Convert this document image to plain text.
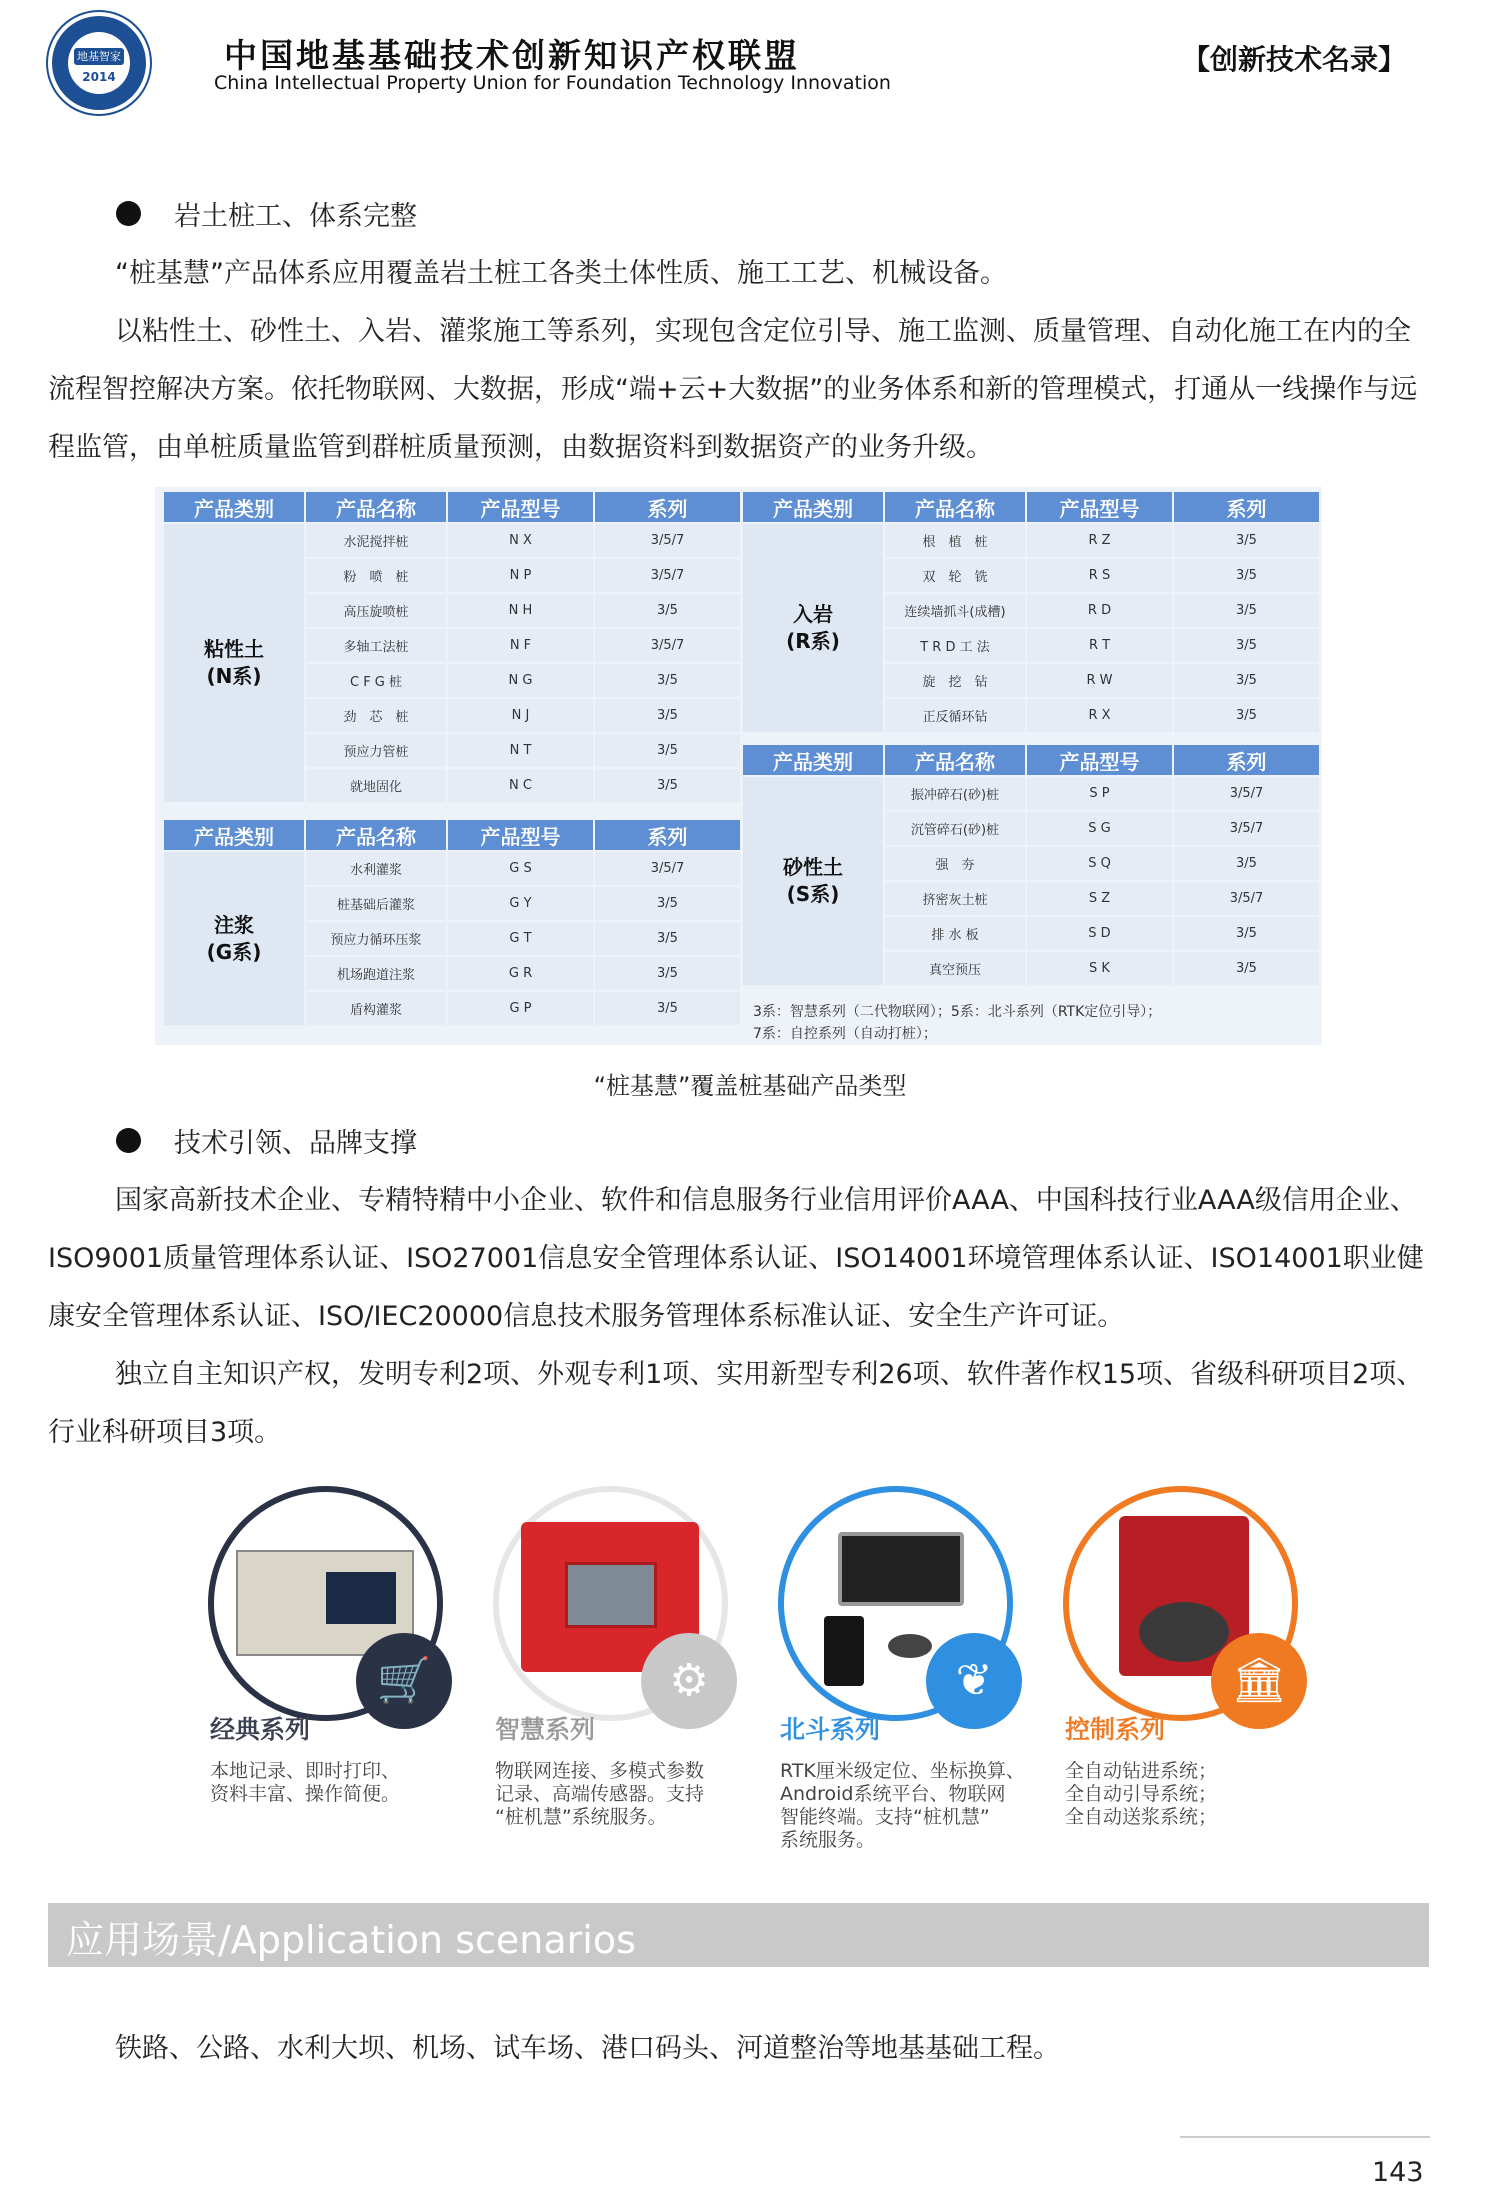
地基智家
2014
中国地基基础技术创新知识产权联盟
China Intellectual Property Union for Foundation Technology Innovation
【创新技术名录】
岩土桩工、体系完整

“桩基慧”产品体系应用覆盖岩土桩工各类土体性质、施工工艺、机械设备。

以粘性土、砂性土、入岩、灌浆施工等系列，实现包含定位引导、施工监测、质量管理、自动化施工在内的全流程智控解决方案。依托物联网、大数据，形成“端+云+大数据”的业务体系和新的管理模式，打通从一线操作与远程监管，由单桩质量监管到群桩质量预测，由数据资料到数据资产的业务升级。

产品类别	产品名称	产品型号	系列

粘性土
(N系)	水泥搅拌桩	N X	3/5/7
	粉　喷　桩	N P	3/5/7
	高压旋喷桩	N H	3/5
	多轴工法桩	N F	3/5/7
	C F G 桩	N G	3/5
	劲　芯　桩	N J	3/5
	预应力管桩	N T	3/5
	就地固化	N C	3/5
产品类别	产品名称	产品型号	系列

注浆
(G系)	水利灌浆	G S	3/5/7
	桩基础后灌浆	G Y	3/5
	预应力循环压浆	G T	3/5
	机场跑道注浆	G R	3/5
	盾构灌浆	G P	3/5
产品类别	产品名称	产品型号	系列

入岩
(R系)	根　植　桩	R Z	3/5
	双　轮　铣	R S	3/5
	连续墙抓斗(成槽)	R D	3/5
	T R D 工 法	R T	3/5
	旋　挖　钻	R W	3/5
	正反循环钻	R X	3/5
产品类别	产品名称	产品型号	系列

砂性土
(S系)	振冲碎石(砂)桩	S P	3/5/7
	沉管碎石(砂)桩	S G	3/5/7
	强　夯	S Q	3/5
	挤密灰土桩	S Z	3/5/7
	排 水 板	S D	3/5
	真空预压	S K	3/5
3系：智慧系列（二代物联网）；5系：北斗系列（RTK定位引导）；
7系：自控系列（自动打桩）；
“桩基慧”覆盖桩基础产品类型
技术引领、品牌支撑

国家高新技术企业、专精特精中小企业、软件和信息服务行业信用评价AAA、中国科技行业AAA级信用企业、ISO9001质量管理体系认证、ISO27001信息安全管理体系认证、ISO14001环境管理体系认证、ISO14001职业健康安全管理体系认证、ISO/IEC20000信息技术服务管理体系标准认证、安全生产许可证。

独立自主知识产权，发明专利2项、外观专利1项、实用新型专利26项、软件著作权15项、省级科研项目2项、行业科研项目3项。

🛒
经典系列
本地记录、即时打印、
资料丰富、操作简便。
⚙
智慧系列
物联网连接、多模式参数
记录、高端传感器。支持
“桩机慧”系统服务。
❦
北斗系列
RTK厘米级定位、坐标换算、
Android系统平台、物联网
智能终端。支持“桩机慧”
系统服务。
🏛
控制系列
全自动钻进系统；
全自动引导系统；
全自动送浆系统；
应用场景/Application scenarios
铁路、公路、水利大坝、机场、试车场、港口码头、河道整治等地基基础工程。
143
